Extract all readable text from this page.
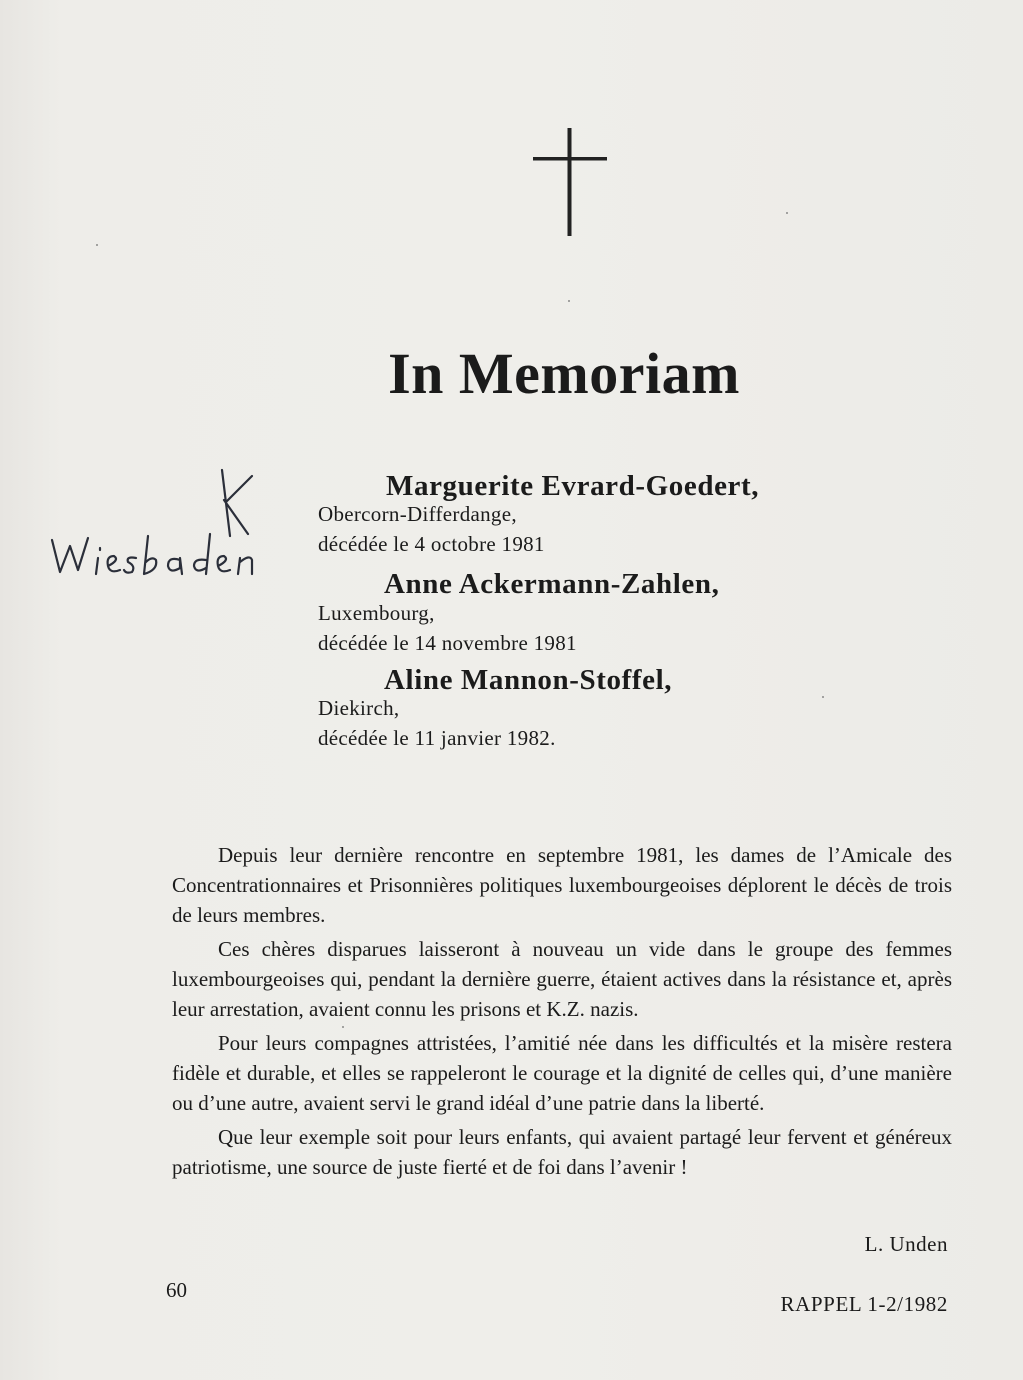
In Memoriam
Marguerite Evrard-Goedert,
Obercorn-Differdange,
décédée le 4 octobre 1981
Anne Ackermann-Zahlen,
Luxembourg,
décédée le 14 novembre 1981
Aline Mannon-Stoffel,
Diekirch,
décédée le 11 janvier 1982.

Depuis leur dernière rencontre en septembre 1981, les dames de l’Amicale des Concentrationnaires et Prisonnières politiques luxembourgeoises déplorent le décès de trois de leurs membres.

Ces chères disparues laisseront à nouveau un vide dans le groupe des femmes luxembourgeoises qui, pendant la dernière guerre, étaient actives dans la résistance et, après leur arrestation, avaient connu les prisons et K.Z. nazis.

Pour leurs compagnes attristées, l’amitié née dans les difficultés et la misère restera fidèle et durable, et elles se rappeleront le courage et la dignité de celles qui, d’une manière ou d’une autre, avaient servi le grand idéal d’une patrie dans la liberté.

Que leur exemple soit pour leurs enfants, qui avaient partagé leur fervent et généreux patriotisme, une source de juste fierté et de foi dans l’avenir !

L. Unden
60
RAPPEL 1-2/1982
